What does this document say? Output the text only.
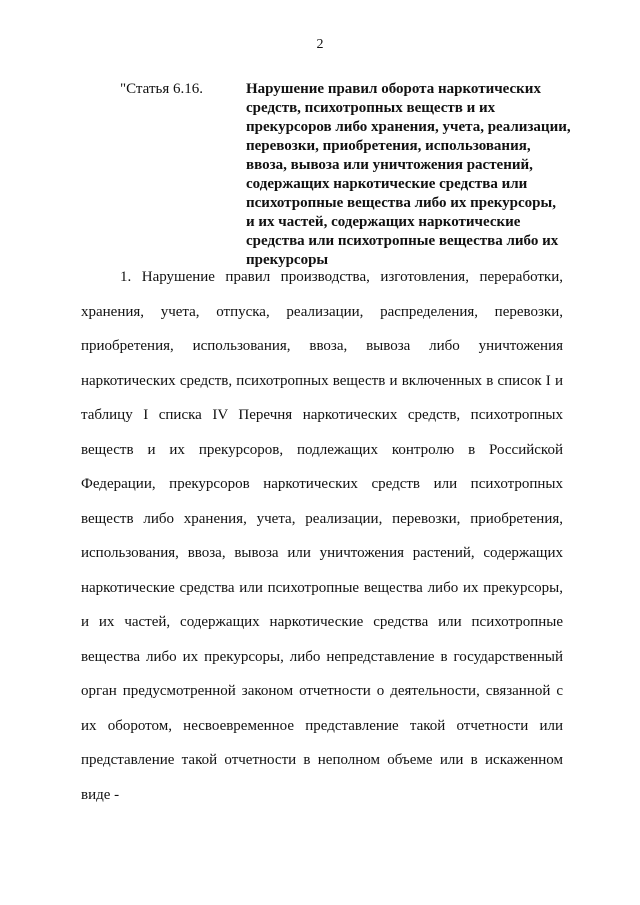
2
"Статья 6.16.	Нарушение правил оборота наркотических
средств, психотропных веществ и их
прекурсоров либо хранения, учета, реализации,
перевозки, приобретения, использования,
ввоза, вывоза или уничтожения растений,
содержащих наркотические средства или
психотропные вещества либо их прекурсоры,
и их частей, содержащих наркотические
средства или психотропные вещества либо их
прекурсоры
1. Нарушение правил производства, изготовления, переработки,
хранения, учета, отпуска, реализации, распределения, перевозки,
приобретения, использования, ввоза, вывоза либо уничтожения
наркотических средств, психотропных веществ и включенных в список I и
таблицу I списка IV Перечня наркотических средств, психотропных
веществ и их прекурсоров, подлежащих контролю в Российской
Федерации, прекурсоров наркотических средств или психотропных
веществ либо хранения, учета, реализации, перевозки, приобретения,
использования, ввоза, вывоза или уничтожения растений, содержащих
наркотические средства или психотропные вещества либо их прекурсоры,
и их частей, содержащих наркотические средства или психотропные
вещества либо их прекурсоры, либо непредставление в государственный
орган предусмотренной законом отчетности о деятельности, связанной с
их оборотом, несвоевременное представление такой отчетности или
представление такой отчетности в неполном объеме или в искаженном
виде -
